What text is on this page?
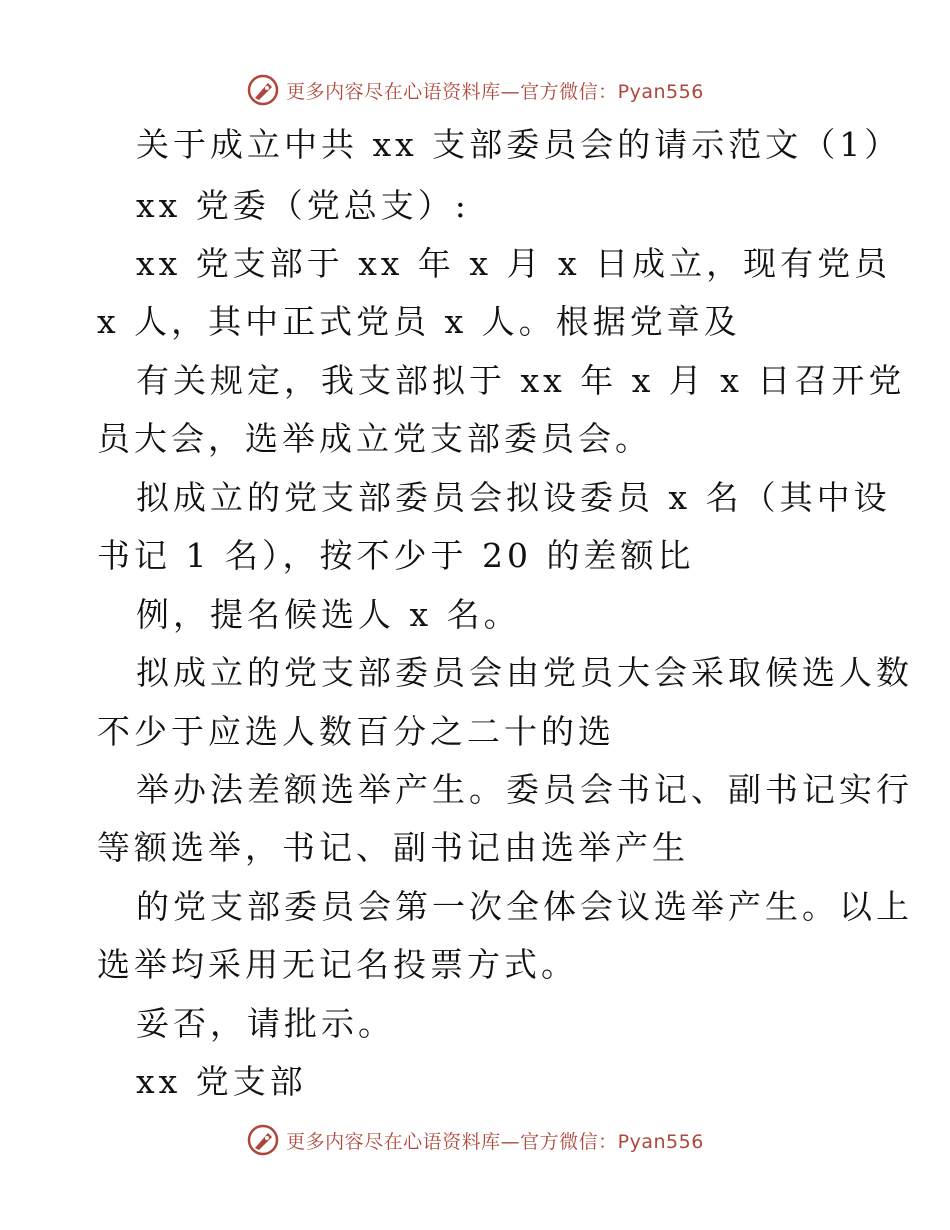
更多内容尽在心语资料库—官方微信：Pyan556
关于成立中共 xx 支部委员会的请示范文（1）
xx 党委（党总支）:
xx 党支部于 xx 年 x 月 x 日成立，现有党员
x 人，其中正式党员 x 人。根据党章及
有关规定，我支部拟于 xx 年 x 月 x 日召开党
员大会，选举成立党支部委员会。
拟成立的党支部委员会拟设委员 x 名（其中设
书记 1 名），按不少于 20 的差额比
例，提名候选人 x 名。
拟成立的党支部委员会由党员大会采取候选人数
不少于应选人数百分之二十的选
举办法差额选举产生。委员会书记、副书记实行
等额选举，书记、副书记由选举产生
的党支部委员会第一次全体会议选举产生。以上
选举均采用无记名投票方式。
妥否，请批示。
xx 党支部
更多内容尽在心语资料库—官方微信：Pyan556
